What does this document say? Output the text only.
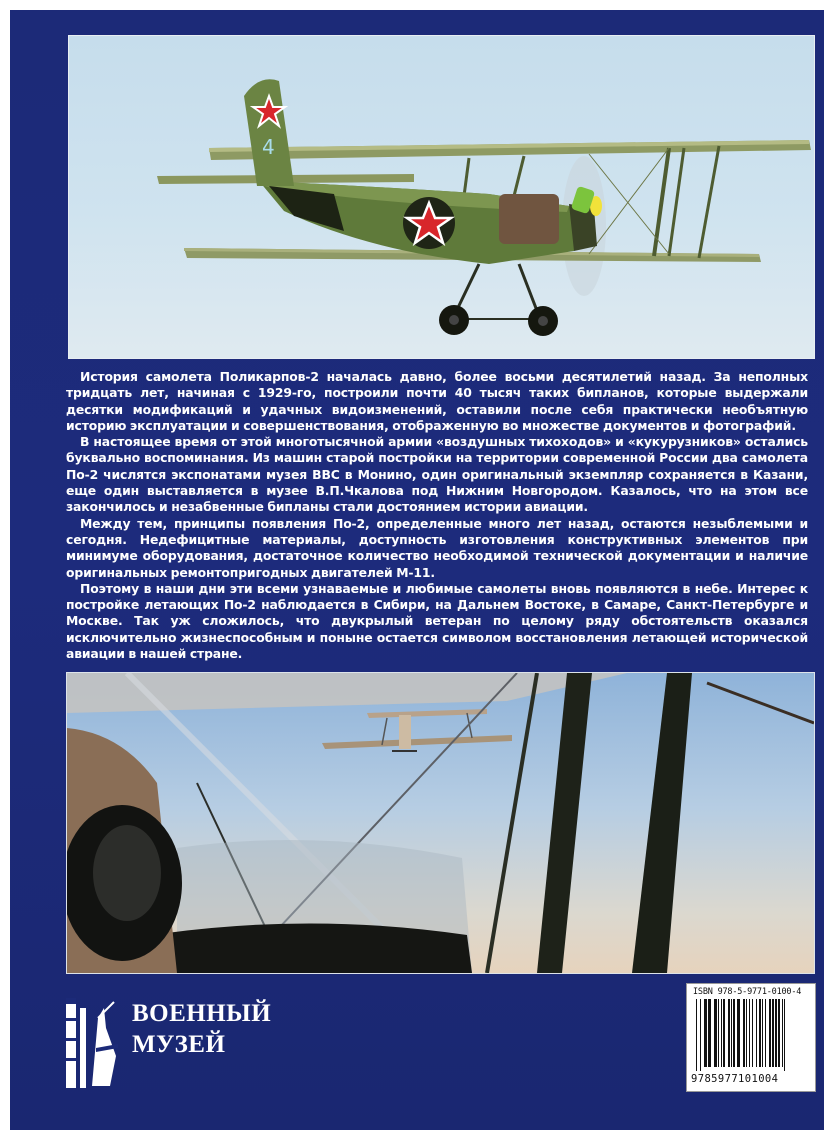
4

История самолета Поликарпов-2 началась давно, более восьми десятилетий назад. За неполных тридцать лет, начиная с 1929-го, построили почти 40 тысяч таких бипланов, которые выдержали десятки модификаций и удачных видоизменений, оставили после себя практически необъятную историю эксплуатации и совершенствования, отображенную во множестве документов и фотографий.

В настоящее время от этой многотысячной армии «воздушных тихоходов» и «кукурузников» остались буквально воспоминания. Из машин старой постройки на территории современной России два самолета По-2 числятся экспонатами музея ВВС в Монино, один оригинальный экземпляр сохраняется в Казани, еще один выставляется в музее В.П.Чкалова под Нижним Новгородом. Казалось, что на этом все закончилось и незабвенные бипланы стали достоянием истории авиации.

Между тем, принципы появления По-2, определенные много лет назад, остаются незыблемыми и сегодня. Недефицитные материалы, доступность изготовления конструктивных элементов при минимуме оборудования, достаточное количество необходимой технической документации и наличие оригинальных ремонтопригодных двигателей М-11.

Поэтому в наши дни эти всеми узнаваемые и любимые самолеты вновь появляются в небе. Интерес к постройке летающих По-2 наблюдается в Сибири, на Дальнем Востоке, в Самаре, Санкт-Петербурге и Москве. Так уж сложилось, что двукрылый ветеран по целому ряду обстоятельств оказался исключительно жизнеспособным и поныне остается символом восстановления летающей исторической авиации в нашей стране.

ВОЕННЫЙ
МУЗЕЙ
ISBN 978-5-9771-0100-4
9785977101004
